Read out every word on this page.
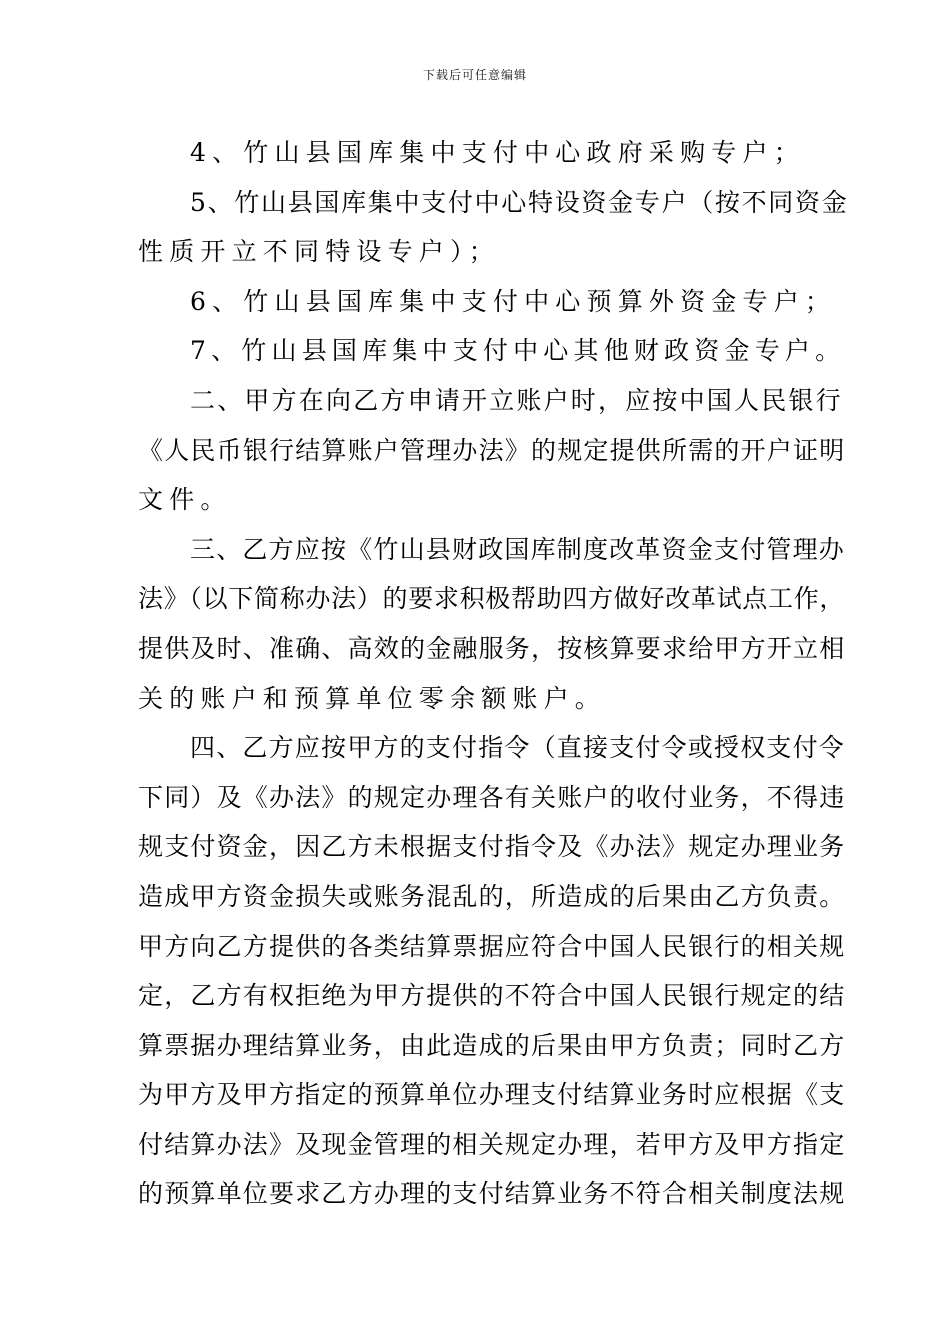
下载后可任意编辑
4、竹山县国库集中支付中心政府采购专户；
5、竹山县国库集中支付中心特设资金专户（按不同资金
性质开立不同特设专户）；
6、竹山县国库集中支付中心预算外资金专户；
7、竹山县国库集中支付中心其他财政资金专户。
二、甲方在向乙方申请开立账户时，应按中国人民银行
《人民币银行结算账户管理办法》的规定提供所需的开户证明
文件。
三、乙方应按《竹山县财政国库制度改革资金支付管理办
法》（以下简称办法）的要求积极帮助四方做好改革试点工作，
提供及时、准确、高效的金融服务，按核算要求给甲方开立相
关的账户和预算单位零余额账户。
四、乙方应按甲方的支付指令（直接支付令或授权支付令
下同）及《办法》的规定办理各有关账户的收付业务，不得违
规支付资金，因乙方未根据支付指令及《办法》规定办理业务
造成甲方资金损失或账务混乱的，所造成的后果由乙方负责。
甲方向乙方提供的各类结算票据应符合中国人民银行的相关规
定，乙方有权拒绝为甲方提供的不符合中国人民银行规定的结
算票据办理结算业务，由此造成的后果由甲方负责；同时乙方
为甲方及甲方指定的预算单位办理支付结算业务时应根据《支
付结算办法》及现金管理的相关规定办理，若甲方及甲方指定
的预算单位要求乙方办理的支付结算业务不符合相关制度法规
